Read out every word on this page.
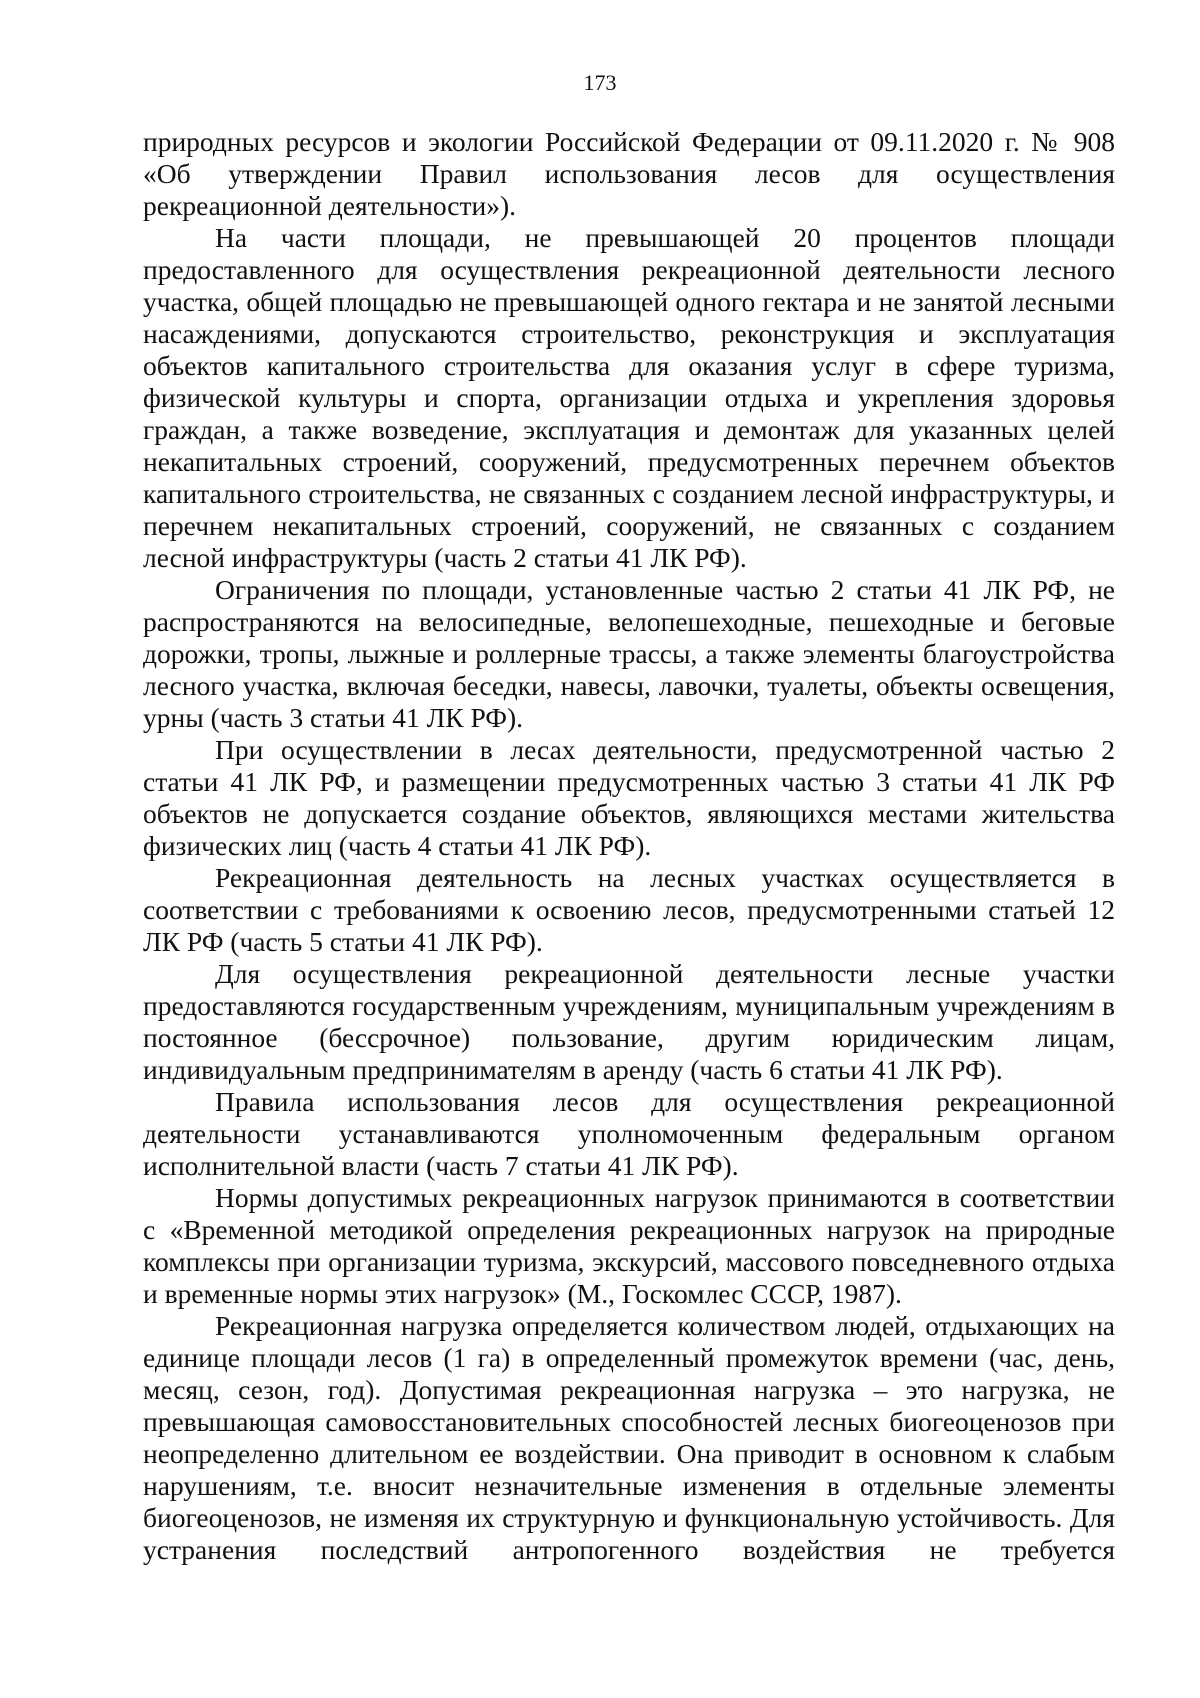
173

природных ресурсов и экологии Российской Федерации от 09.11.2020 г. № 908 «Об утверждении Правил использования лесов для осуществления рекреационной деятельности»).

На части площади, не превышающей 20 процентов площади предоставленного для осуществления рекреационной деятельности лесного участка, общей площадью не превышающей одного гектара и не занятой лесными насаждениями, допускаются строительство, реконструкция и эксплуатация объектов капитального строительства для оказания услуг в сфере туризма, физической культуры и спорта, организации отдыха и укрепления здоровья граждан, а также возведение, эксплуатация и демонтаж для указанных целей некапитальных строений, сооружений, предусмотренных перечнем объектов капитального строительства, не связанных с созданием лесной инфраструктуры, и перечнем некапитальных строений, сооружений, не связанных с созданием лесной инфраструктуры (часть 2 статьи 41 ЛК РФ).

Ограничения по площади, установленные частью 2 статьи 41 ЛК РФ, не распространяются на велосипедные, велопешеходные, пешеходные и беговые дорожки, тропы, лыжные и роллерные трассы, а также элементы благоустройства лесного участка, включая беседки, навесы, лавочки, туалеты, объекты освещения, урны (часть 3 статьи 41 ЛК РФ).

При осуществлении в лесах деятельности, предусмотренной частью 2 статьи 41 ЛК РФ, и размещении предусмотренных частью 3 статьи 41 ЛК РФ объектов не допускается создание объектов, являющихся местами жительства физических лиц (часть 4 статьи 41 ЛК РФ).

Рекреационная деятельность на лесных участках осуществляется в соответствии с требованиями к освоению лесов, предусмотренными статьей 12 ЛК РФ (часть 5 статьи 41 ЛК РФ).

Для осуществления рекреационной деятельности лесные участки предоставляются государственным учреждениям, муниципальным учреждениям в постоянное (бессрочное) пользование, другим юридическим лицам, индивидуальным предпринимателям в аренду (часть 6 статьи 41 ЛК РФ).

Правила использования лесов для осуществления рекреационной деятельности устанавливаются уполномоченным федеральным органом исполнительной власти (часть 7 статьи 41 ЛК РФ).

Нормы допустимых рекреационных нагрузок принимаются в соответствии с «Временной методикой определения рекреационных нагрузок на природные комплексы при организации туризма, экскурсий, массового повседневного отдыха и временные нормы этих нагрузок» (М., Госкомлес СССР, 1987).

Рекреационная нагрузка определяется количеством людей, отдыхающих на единице площади лесов (1 га) в определенный промежуток времени (час, день, месяц, сезон, год). Допустимая рекреационная нагрузка – это нагрузка, не превышающая самовосстановительных способностей лесных биогеоценозов при неопределенно длительном ее воздействии. Она приводит в основном к слабым нарушениям, т.е. вносит незначительные изменения в отдельные элементы биогеоценозов, не изменяя их структурную и функциональную устойчивость. Для устранения последствий антропогенного воздействия не требуется
